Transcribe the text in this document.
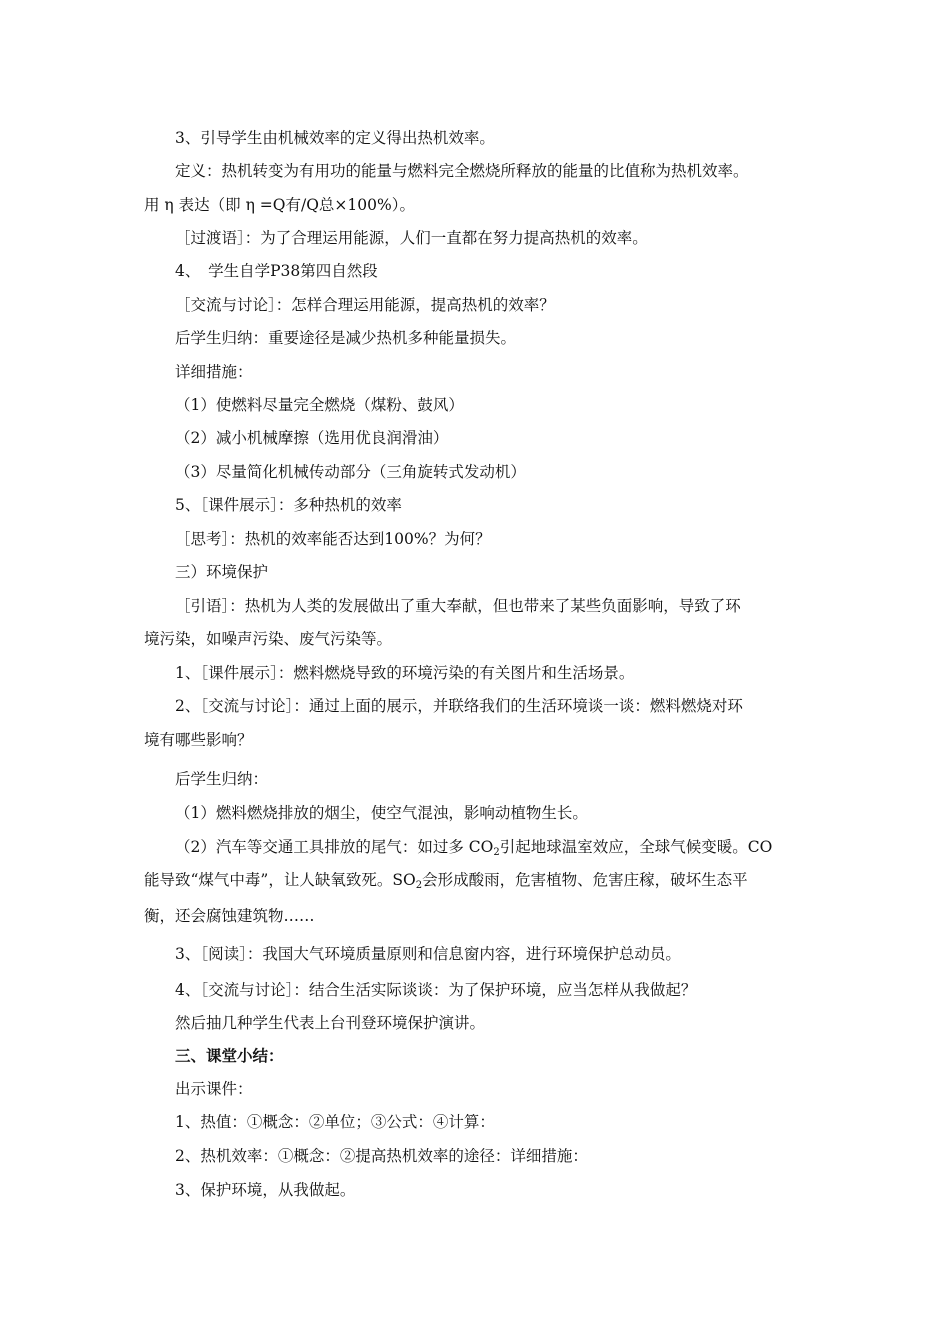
3、引导学生由机械效率的定义得出热机效率。
定义：热机转变为有用功的能量与燃料完全燃烧所释放的能量的比值称为热机效率。
用 η 表达（即 η =Q有/Q总×100%）。
［过渡语］：为了合理运用能源，人们一直都在努力提高热机的效率。
4、　学生自学P38第四自然段
［交流与讨论］：怎样合理运用能源，提高热机的效率？
后学生归纳：重要途径是减少热机多种能量损失。
详细措施：
（1）使燃料尽量完全燃烧（煤粉、鼓风）
（2）减小机械摩擦（选用优良润滑油）
（3）尽量简化机械传动部分（三角旋转式发动机）
5、［课件展示］：多种热机的效率
［思考］：热机的效率能否达到100%？为何？
三）环境保护
［引语］：热机为人类的发展做出了重大奉献，但也带来了某些负面影响，导致了环
境污染，如噪声污染、废气污染等。
1、［课件展示］：燃料燃烧导致的环境污染的有关图片和生活场景。
2、［交流与讨论］：通过上面的展示，并联络我们的生活环境谈一谈：燃料燃烧对环
境有哪些影响？
后学生归纳：
（1）燃料燃烧排放的烟尘，使空气混浊，影响动植物生长。
（2）汽车等交通工具排放的尾气：如过多 $CO_2$引起地球温室效应，全球气候变暖。CO
能导致“煤气中毒”，让人缺氧致死。$SO_2$会形成酸雨，危害植物、危害庄稼，破坏生态平
衡，还会腐蚀建筑物……
3、［阅读］：我国大气环境质量原则和信息窗内容，进行环境保护总动员。
4、［交流与讨论］：结合生活实际谈谈：为了保护环境，应当怎样从我做起？
然后抽几种学生代表上台刊登环境保护演讲。
三、课堂小结：
出示课件：
1、热值：①概念：②单位；③公式：④计算：
2、热机效率：①概念：②提高热机效率的途径：详细措施：
3、保护环境，从我做起。
